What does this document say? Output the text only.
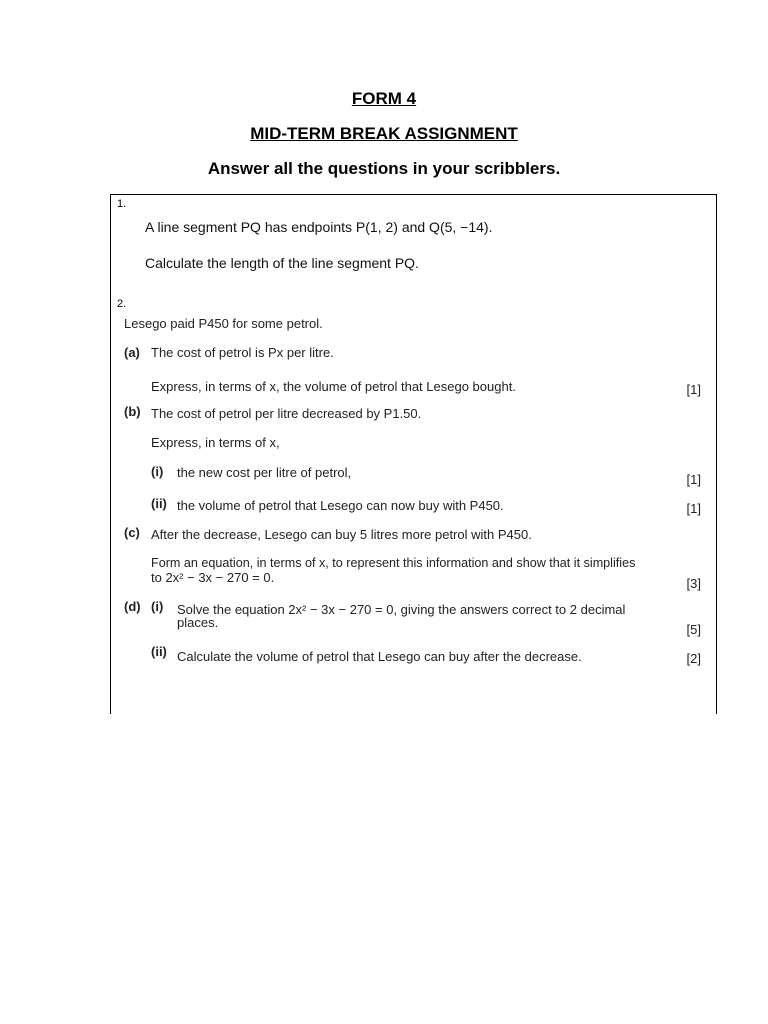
FORM 4
MID-TERM BREAK ASSIGNMENT
Answer all the questions in your scribblers.
1.
A line segment PQ has endpoints P(1, 2) and Q(5, −14).
Calculate the length of the line segment PQ.
2.
Lesego paid P450 for some petrol.
(a) The cost of petrol is Px per litre.
Express, in terms of x, the volume of petrol that Lesego bought.	[1]
(b) The cost of petrol per litre decreased by P1.50.
Express, in terms of x,
(i) the new cost per litre of petrol,	[1]
(ii) the volume of petrol that Lesego can now buy with P450.	[1]
(c) After the decrease, Lesego can buy 5 litres more petrol with P450.
Form an equation, in terms of x, to represent this information and show that it simplifies
to 2x² − 3x − 270 = 0.	[3]
(d) (i) Solve the equation 2x² − 3x − 270 = 0, giving the answers correct to 2 decimal
places.	[5]
(ii) Calculate the volume of petrol that Lesego can buy after the decrease.	[2]
